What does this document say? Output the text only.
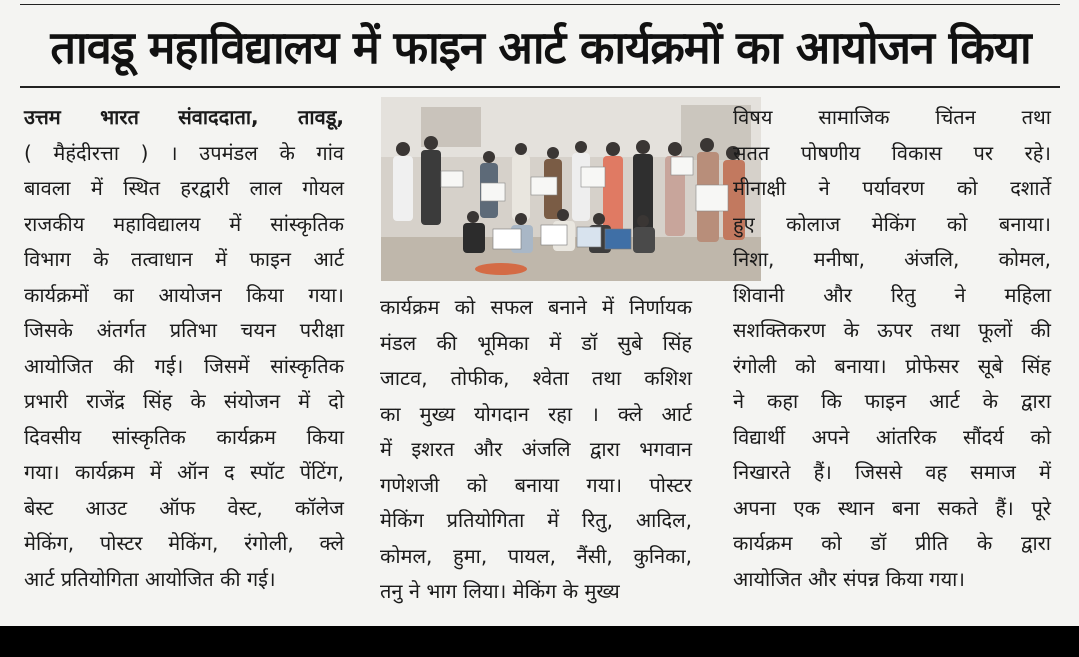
तावडू महाविद्यालय में फाइन आर्ट कार्यक्रमों का आयोजन किया

उत्तम भारत संवाददाता, तावडू,

( मैहंदीरत्ता ) । उपमंडल के गांव

बावला में स्थित हरद्वारी लाल गोयल

राजकीय महाविद्यालय में सांस्कृतिक

विभाग के तत्वाधान में फाइन आर्ट

कार्यक्रमों का आयोजन किया गया।

जिसके अंतर्गत प्रतिभा चयन परीक्षा

आयोजित की गई। जिसमें सांस्कृतिक

प्रभारी राजेंद्र सिंह के संयोजन में दो

दिवसीय सांस्कृतिक कार्यक्रम किया

गया। कार्यक्रम में ऑन द स्पॉट पेंटिंग,

बेस्ट आउट ऑफ वेस्ट, कॉलेज

मेकिंग, पोस्टर मेकिंग, रंगोली, क्ले

आर्ट प्रतियोगिता आयोजित की गई।

कार्यक्रम को सफल बनाने में निर्णायक

मंडल की भूमिका में डॉ सुबे सिंह

जाटव, तोफीक, श्वेता तथा कशिश

का मुख्य योगदान रहा । क्ले आर्ट

में इशरत और अंजलि द्वारा भगवान

गणेशजी को बनाया गया। पोस्टर

मेकिंग प्रतियोगिता में रितु, आदिल,

कोमल, हुमा, पायल, नैंसी, कुनिका,

तनु ने भाग लिया। मेकिंग के मुख्य

विषय सामाजिक चिंतन तथा

सतत पोषणीय विकास पर रहे।

मीनाक्षी ने पर्यावरण को दशार्ते

हुए कोलाज मेकिंग को बनाया।

निशा, मनीषा, अंजलि, कोमल,

शिवानी और रितु ने महिला

सशक्तिकरण के ऊपर तथा फूलों की

रंगोली को बनाया। प्रोफेसर सूबे सिंह

ने कहा कि फाइन आर्ट के द्वारा

विद्यार्थी अपने आंतरिक सौंदर्य को

निखारते हैं। जिससे वह समाज में

अपना एक स्थान बना सकते हैं। पूरे

कार्यक्रम को डॉ प्रीति के द्वारा

आयोजित और संपन्न किया गया।
